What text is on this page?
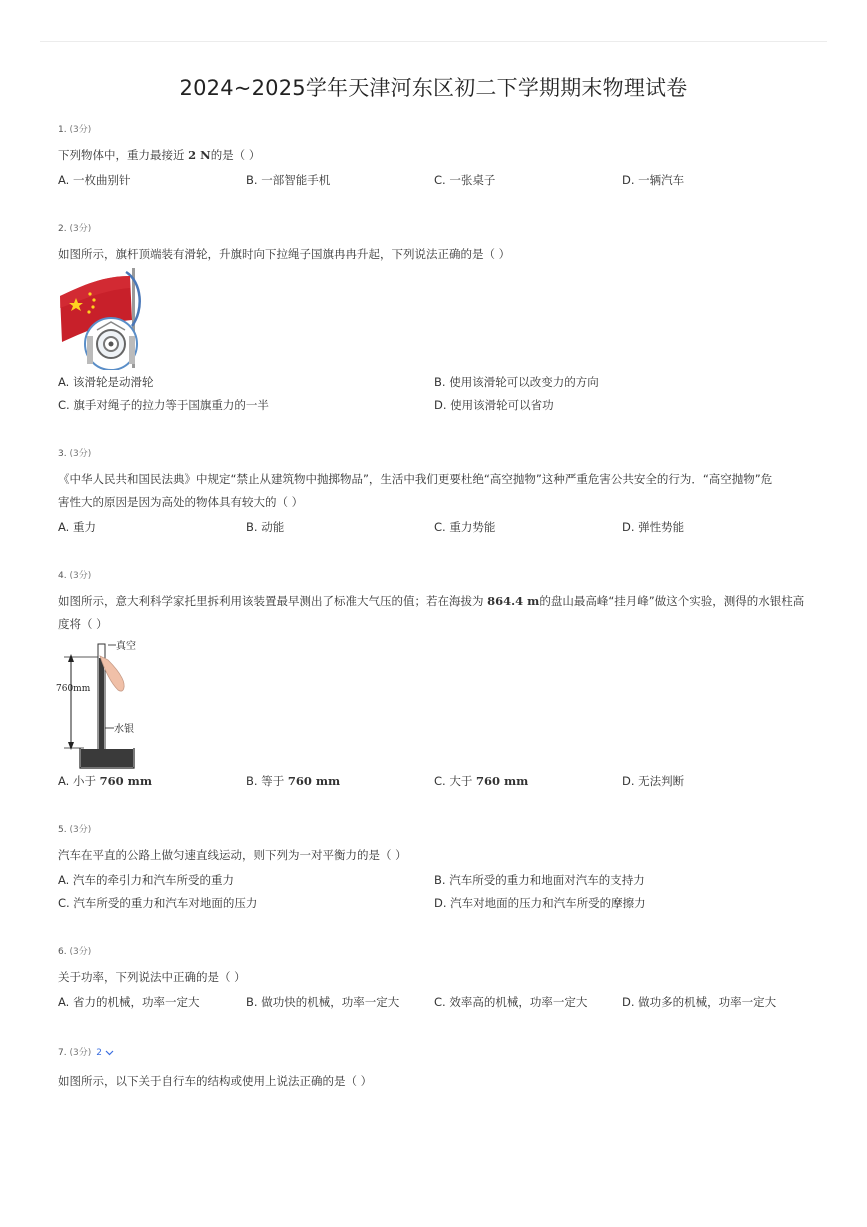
2024~2025学年天津河东区初二下学期期末物理试卷
1. (3分)
下列物体中，重力最接近 2 N的是（ ）
A. 一枚曲别针	B. 一部智能手机	C. 一张桌子	D. 一辆汽车
2. (3分)
如图所示，旗杆顶端装有滑轮，升旗时向下拉绳子国旗冉冉升起，下列说法正确的是（ ）
A. 该滑轮是动滑轮	B. 使用该滑轮可以改变力的方向
C. 旗手对绳子的拉力等于国旗重力的一半	D. 使用该滑轮可以省功
3. (3分)
《中华人民共和国民法典》中规定“禁止从建筑物中抛掷物品”，生活中我们更要杜绝“高空抛物”这种严重危害公共安全的行为．“高空抛物”危
害性大的原因是因为高处的物体具有较大的（ ）
A. 重力	B. 动能	C. 重力势能	D. 弹性势能
4. (3分)
如图所示，意大利科学家托里拆利用该装置最早测出了标准大气压的值；若在海拔为 864.4 m的盘山最高峰“挂月峰”做这个实验，测得的水银柱高
度将（ ）
真空
760mm
水银
A. 小于 760 mm	B. 等于 760 mm	C. 大于 760 mm	D. 无法判断
5. (3分)
汽车在平直的公路上做匀速直线运动，则下列为一对平衡力的是（ ）
A. 汽车的牵引力和汽车所受的重力	B. 汽车所受的重力和地面对汽车的支持力
C. 汽车所受的重力和汽车对地面的压力	D. 汽车对地面的压力和汽车所受的摩擦力
6. (3分)
关于功率，下列说法中正确的是（ ）
A. 省力的机械，功率一定大	B. 做功快的机械，功率一定大	C. 效率高的机械，功率一定大	D. 做功多的机械，功率一定大
7. (3分) 2
如图所示，以下关于自行车的结构或使用上说法正确的是（ ）
